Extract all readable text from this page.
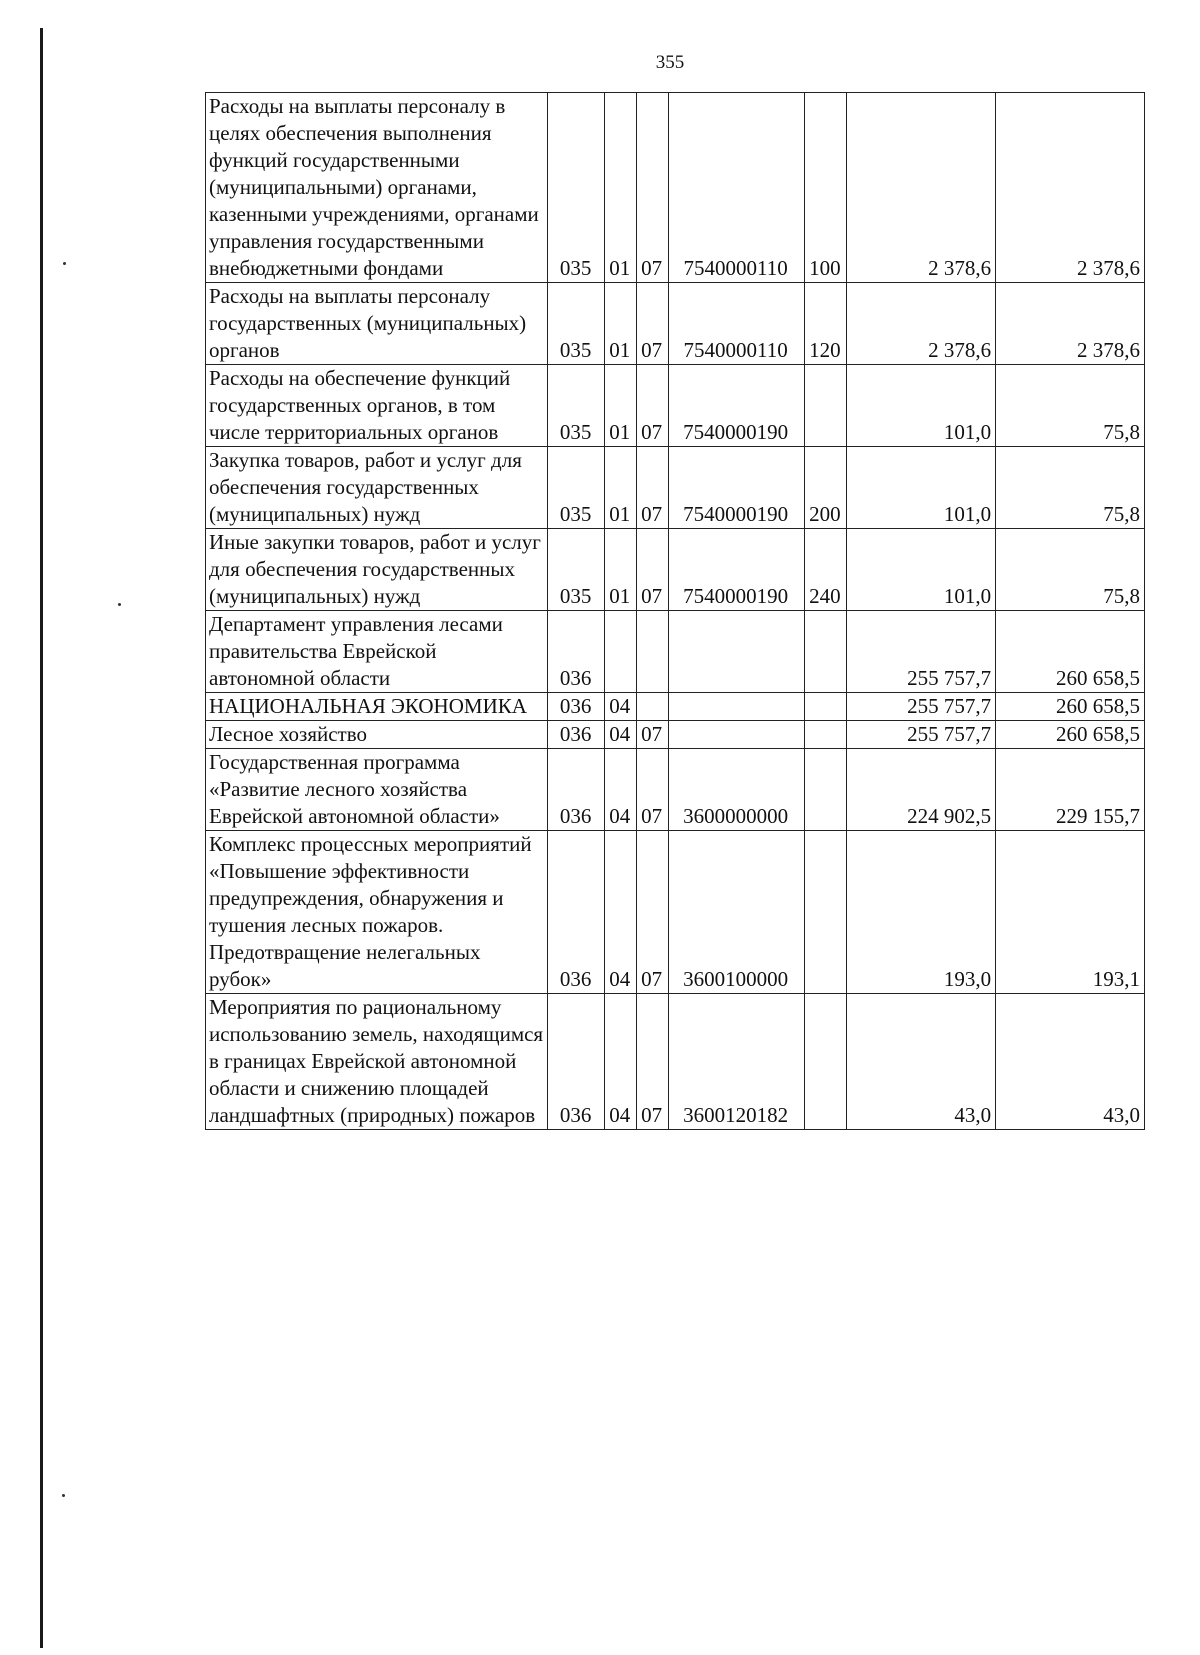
355
Расходы на выплаты персоналу в целях обеспечения выполнения функций государственными (муниципальными) органами, казенными учреждениями, органами управления государственными внебюджетными фондами	035	01	07	7540000110	100	2 378,6	2 378,6
Расходы на выплаты персоналу государственных (муниципальных) органов	035	01	07	7540000110	120	2 378,6	2 378,6
Расходы на обеспечение функций государственных органов, в том числе территориальных органов	035	01	07	7540000190		101,0	75,8
Закупка товаров, работ и услуг для обеспечения государственных (муниципальных) нужд	035	01	07	7540000190	200	101,0	75,8
Иные закупки товаров, работ и услуг для обеспечения государственных (муниципальных) нужд	035	01	07	7540000190	240	101,0	75,8
Департамент управления лесами правительства Еврейской автономной области	036					255 757,7	260 658,5
НАЦИОНАЛЬНАЯ ЭКОНОМИКА	036	04				255 757,7	260 658,5
Лесное хозяйство	036	04	07			255 757,7	260 658,5
Государственная программа «Развитие лесного хозяйства Еврейской автономной области»	036	04	07	3600000000		224 902,5	229 155,7
Комплекс процессных мероприятий «Повышение эффективности предупреждения, обнаружения и тушения лесных пожаров. Предотвращение нелегальных рубок»	036	04	07	3600100000		193,0	193,1
Мероприятия по рациональному использованию земель, находящимся в границах Еврейской автономной области и снижению площадей ландшафтных (природных) пожаров	036	04	07	3600120182		43,0	43,0
